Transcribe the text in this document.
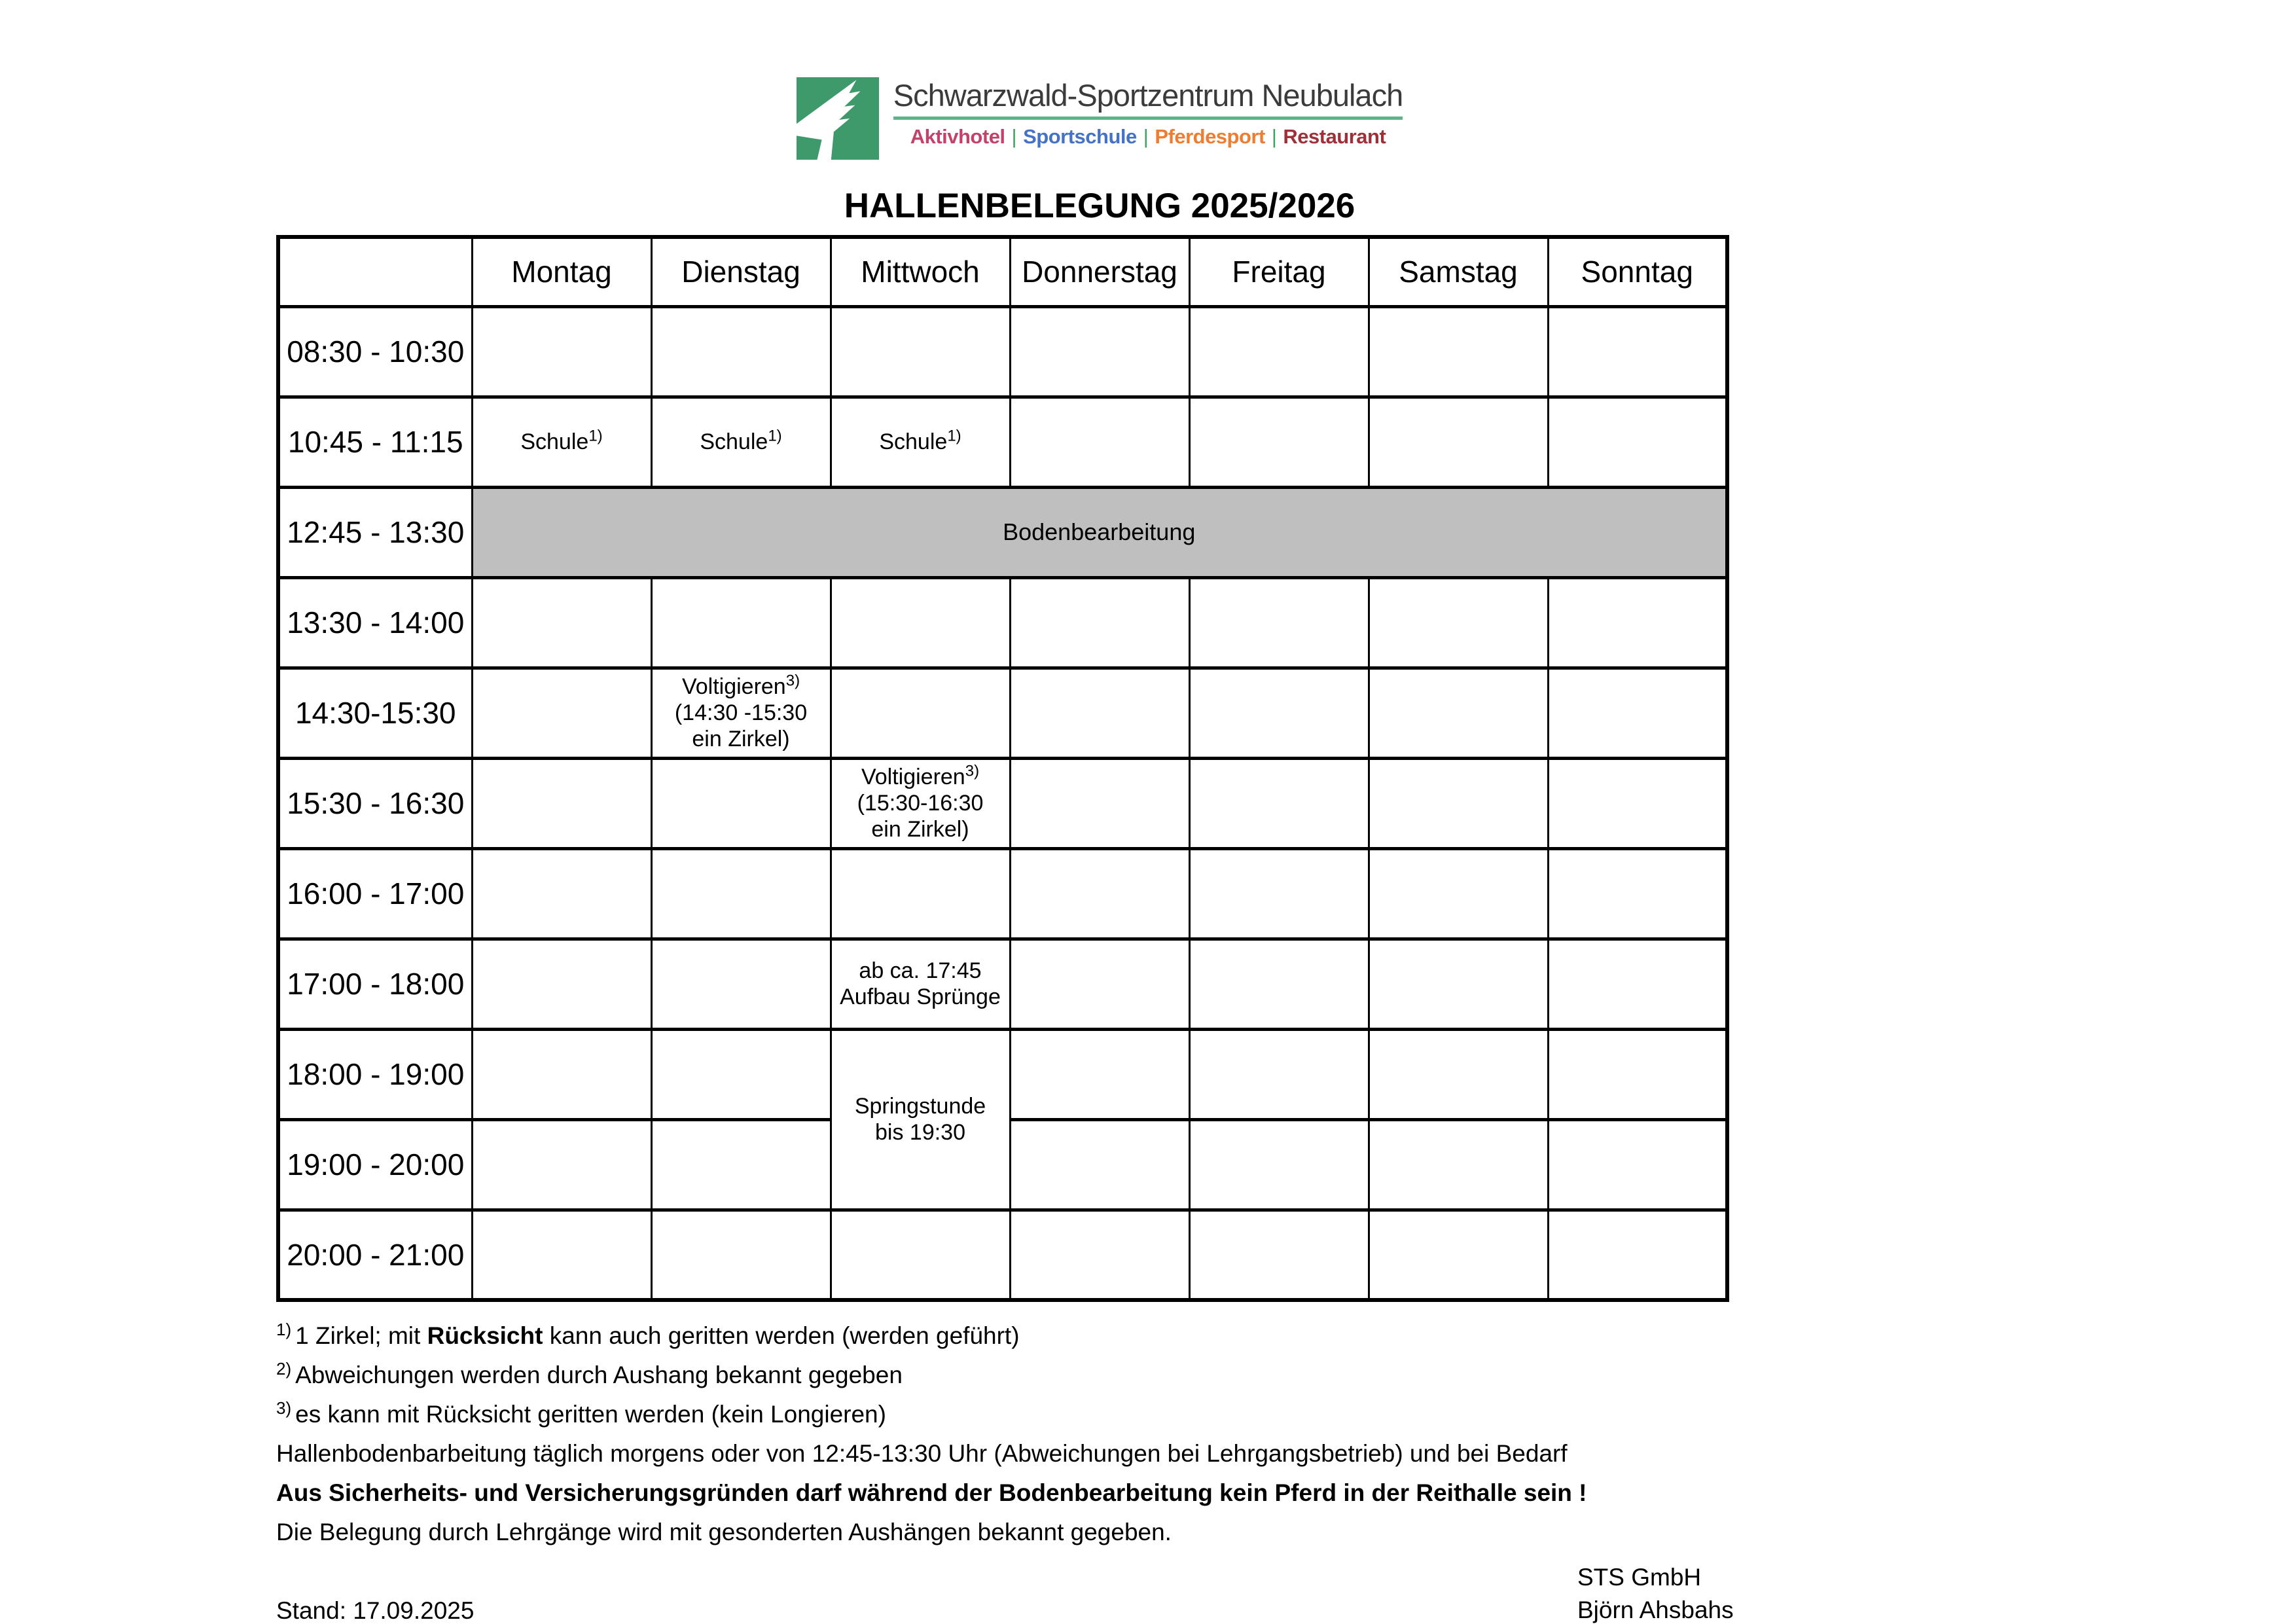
Schwarzwald-Sportzentrum Neubulach
Aktivhotel | Sportschule | Pferdesport | Restaurant
HALLENBELEGUNG 2025/2026
	Montag	Dienstag	Mittwoch	Donnerstag	Freitag	Samstag	Sonntag
08:30 - 10:30							
10:45 - 11:15	Schule$^{1)}$	Schule$^{1)}$	Schule$^{1)}$				
12:45 - 13:30	Bodenbearbeitung						
13:30 - 14:00							
14:30-15:30		Voltigieren$^{3)}$
(14:30 -15:30
ein Zirkel)					

15:30 - 16:30			Voltigieren$^{3)}$
(15:30-16:30
ein Zirkel)				

16:00 - 17:00							
17:00 - 18:00			ab ca. 17:45
Aufbau Sprünge				

18:00 - 19:00			Springstunde
bis 19:30				

19:00 - 20:00							
20:00 - 21:00							
$^{1)}$ 1 Zirkel; mit Rücksicht kann auch geritten werden (werden geführt)
$^{2)}$ Abweichungen werden durch Aushang bekannt gegeben
$^{3)}$ es kann mit Rücksicht geritten werden (kein Longieren)
Hallenbodenbarbeitung täglich morgens oder von 12:45-13:30 Uhr (Abweichungen bei Lehrgangsbetrieb) und bei Bedarf
Aus Sicherheits- und Versicherungsgründen darf während der Bodenbearbeitung kein Pferd in der Reithalle sein !
Die Belegung durch Lehrgänge wird mit gesonderten Aushängen bekannt gegeben.
Stand: 17.09.2025
STS GmbH
Björn Ahsbahs
